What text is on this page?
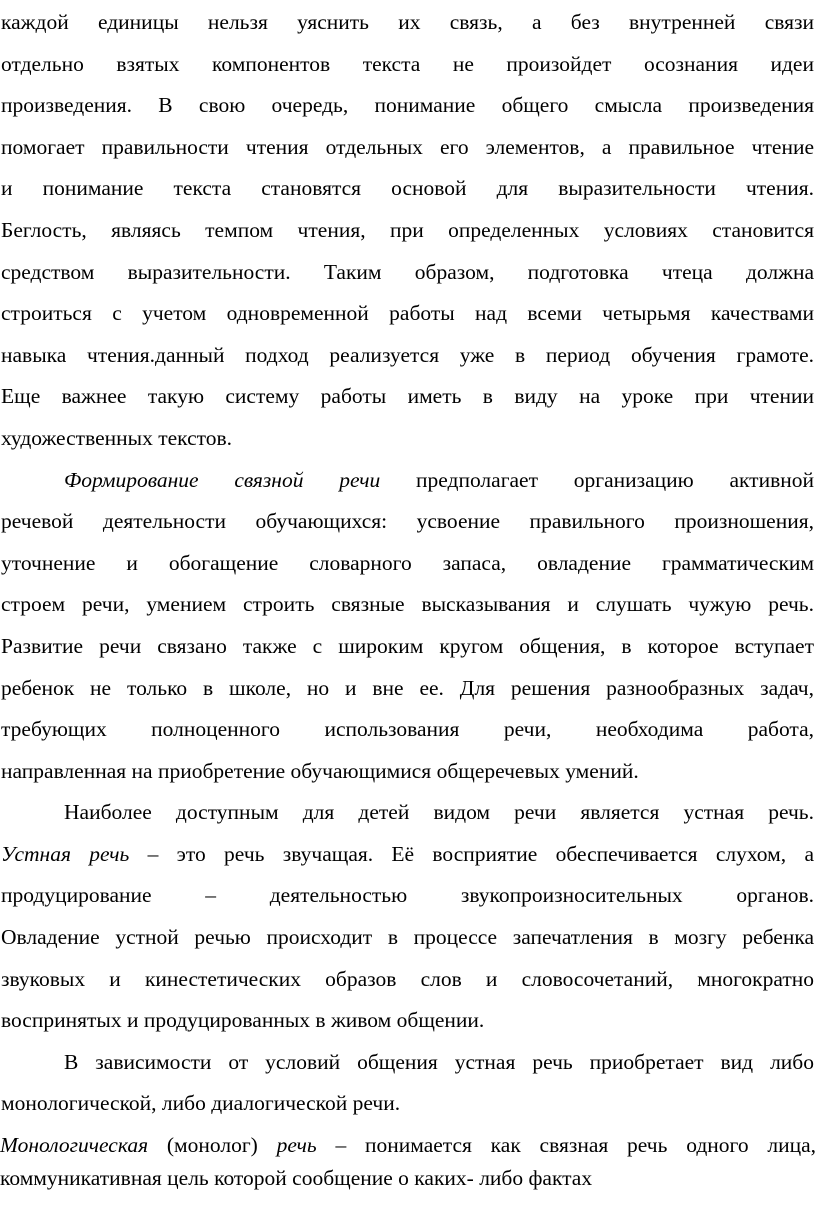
каждой единицы нельзя уяснить их связь, а без внутренней связи
отдельно взятых компонентов текста не произойдет осознания идеи
произведения. В свою очередь, понимание общего смысла произведения
помогает правильности чтения отдельных его элементов, а правильное чтение
и понимание текста становятся основой для выразительности чтения.
Беглость, являясь темпом чтения, при определенных условиях становится
средством выразительности. Таким образом, подготовка чтеца должна
строиться с учетом одновременной работы над всеми четырьмя качествами
навыка чтения.данный подход реализуется уже в период обучения грамоте.
Еще важнее такую систему работы иметь в виду на уроке при чтении
художественных текстов.
Формирование связной речи предполагает организацию активной
речевой деятельности обучающихся: усвоение правильного произношения,
уточнение и обогащение словарного запаса, овладение грамматическим
строем речи, умением строить связные высказывания и слушать чужую речь.
Развитие речи связано также с широким кругом общения, в которое вступает
ребенок не только в школе, но и вне ее. Для решения разнообразных задач,
требующих полноценного использования речи, необходима работа,
направленная на приобретение обучающимися общеречевых умений.
Наиболее доступным для детей видом речи является устная речь.
Устная речь – это речь звучащая. Её восприятие обеспечивается слухом, а
продуцирование – деятельностью звукопроизносительных органов.
Овладение устной речью происходит в процессе запечатления в мозгу ребенка
звуковых и кинестетических образов слов и словосочетаний, многократно
воспринятых и продуцированных в живом общении.
В зависимости от условий общения устная речь приобретает вид либо
монологической, либо диалогической речи.
Монологическая (монолог) речь – понимается как связная речь одного лица,
коммуникативная цель которой сообщение о каких- либо фактах
